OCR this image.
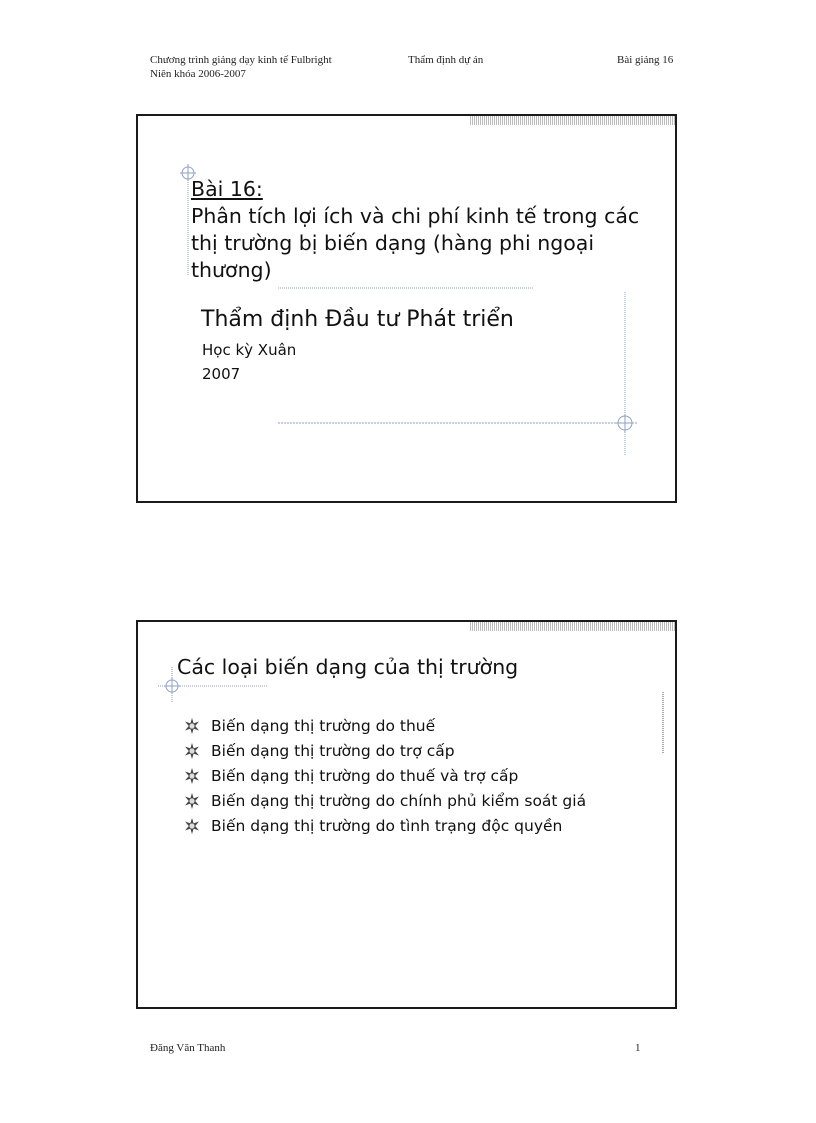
Chương trình giảng dạy kinh tế Fulbright
Niên khóa 2006-2007
Thẩm định dự án	Bài giảng 16
Bài 16:
Phân tích lợi ích và chi phí kinh tế trong các
thị trường bị biến dạng (hàng phi ngoại
thương)
Thẩm định Đầu tư Phát triển
Học kỳ Xuân
2007
Các loại biến dạng của thị trường
Biến dạng thị trường do thuế
Biến dạng thị trường do trợ cấp
Biến dạng thị trường do thuế và trợ cấp
Biến dạng thị trường do chính phủ kiểm soát giá
Biến dạng thị trường do tình trạng độc quyền
Đăng Văn Thanh	1
